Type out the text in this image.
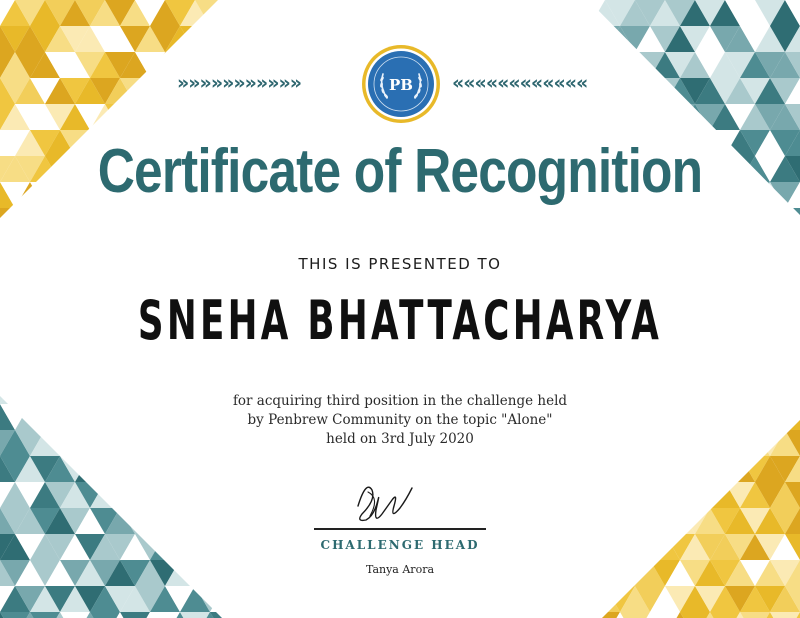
»»»»»»»»»»»	««««««««««««
PB
Certificate of Recognition
THIS IS PRESENTED TO
SNEHA BHATTACHARYA
for acquiring third position in the challenge held
by Penbrew Community on the topic "Alone"
held on 3rd July 2020
CHALLENGE HEAD
Tanya Arora
